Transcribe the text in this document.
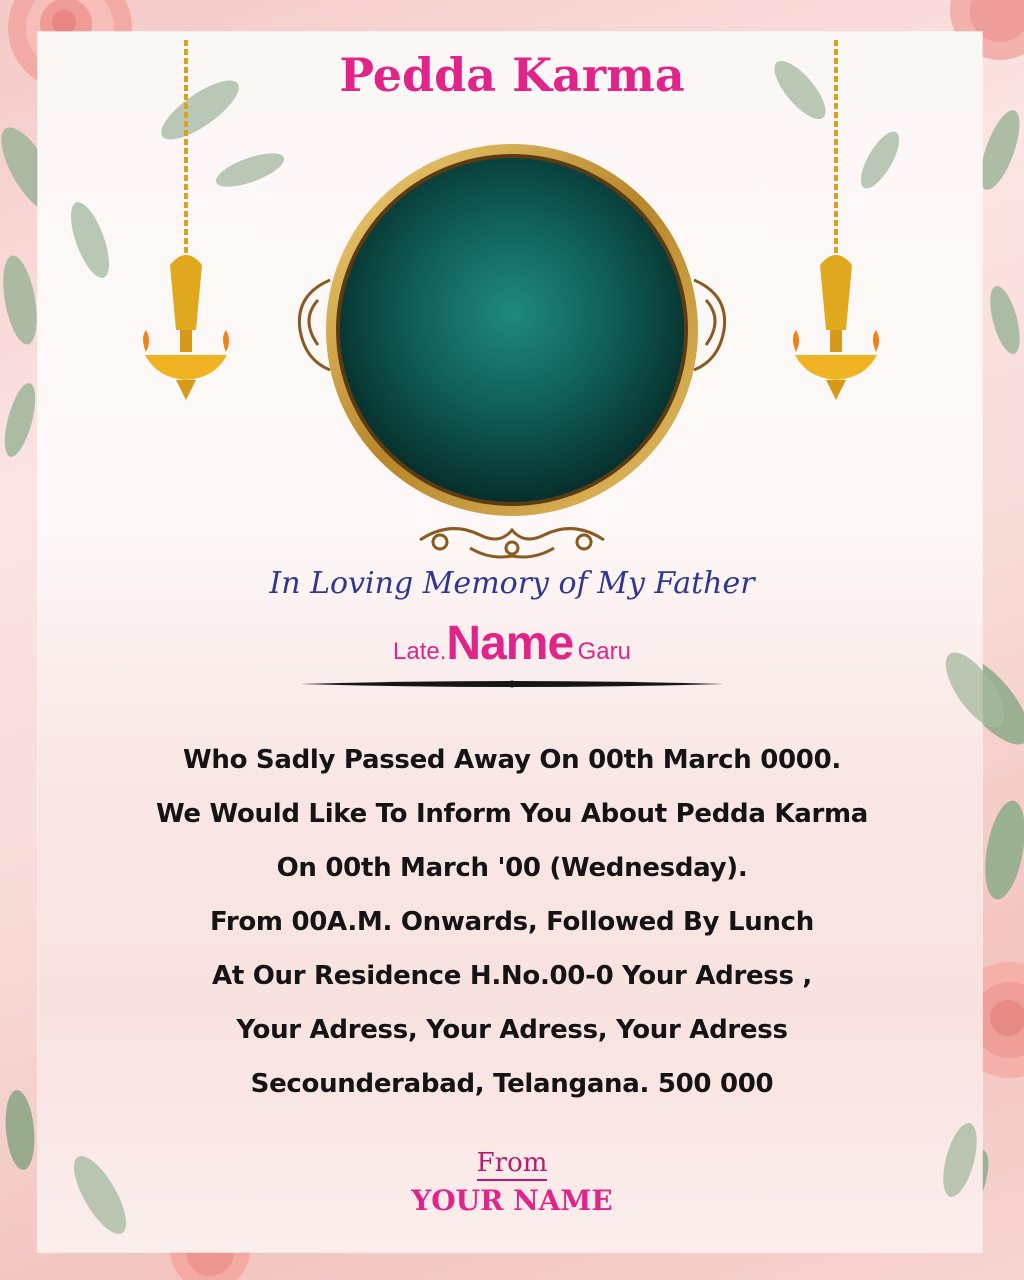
Pedda Karma
In Loving Memory of My Father
Late.Name Garu
Who Sadly Passed Away On 00th March 0000.
We Would Like To Inform You About Pedda Karma
On 00th March '00 (Wednesday).
From 00A.M. Onwards, Followed By Lunch
At Our Residence H.No.00-0 Your Adress ,
Your Adress, Your Adress, Your Adress
Secounderabad, Telangana. 500 000
From
YOUR NAME
